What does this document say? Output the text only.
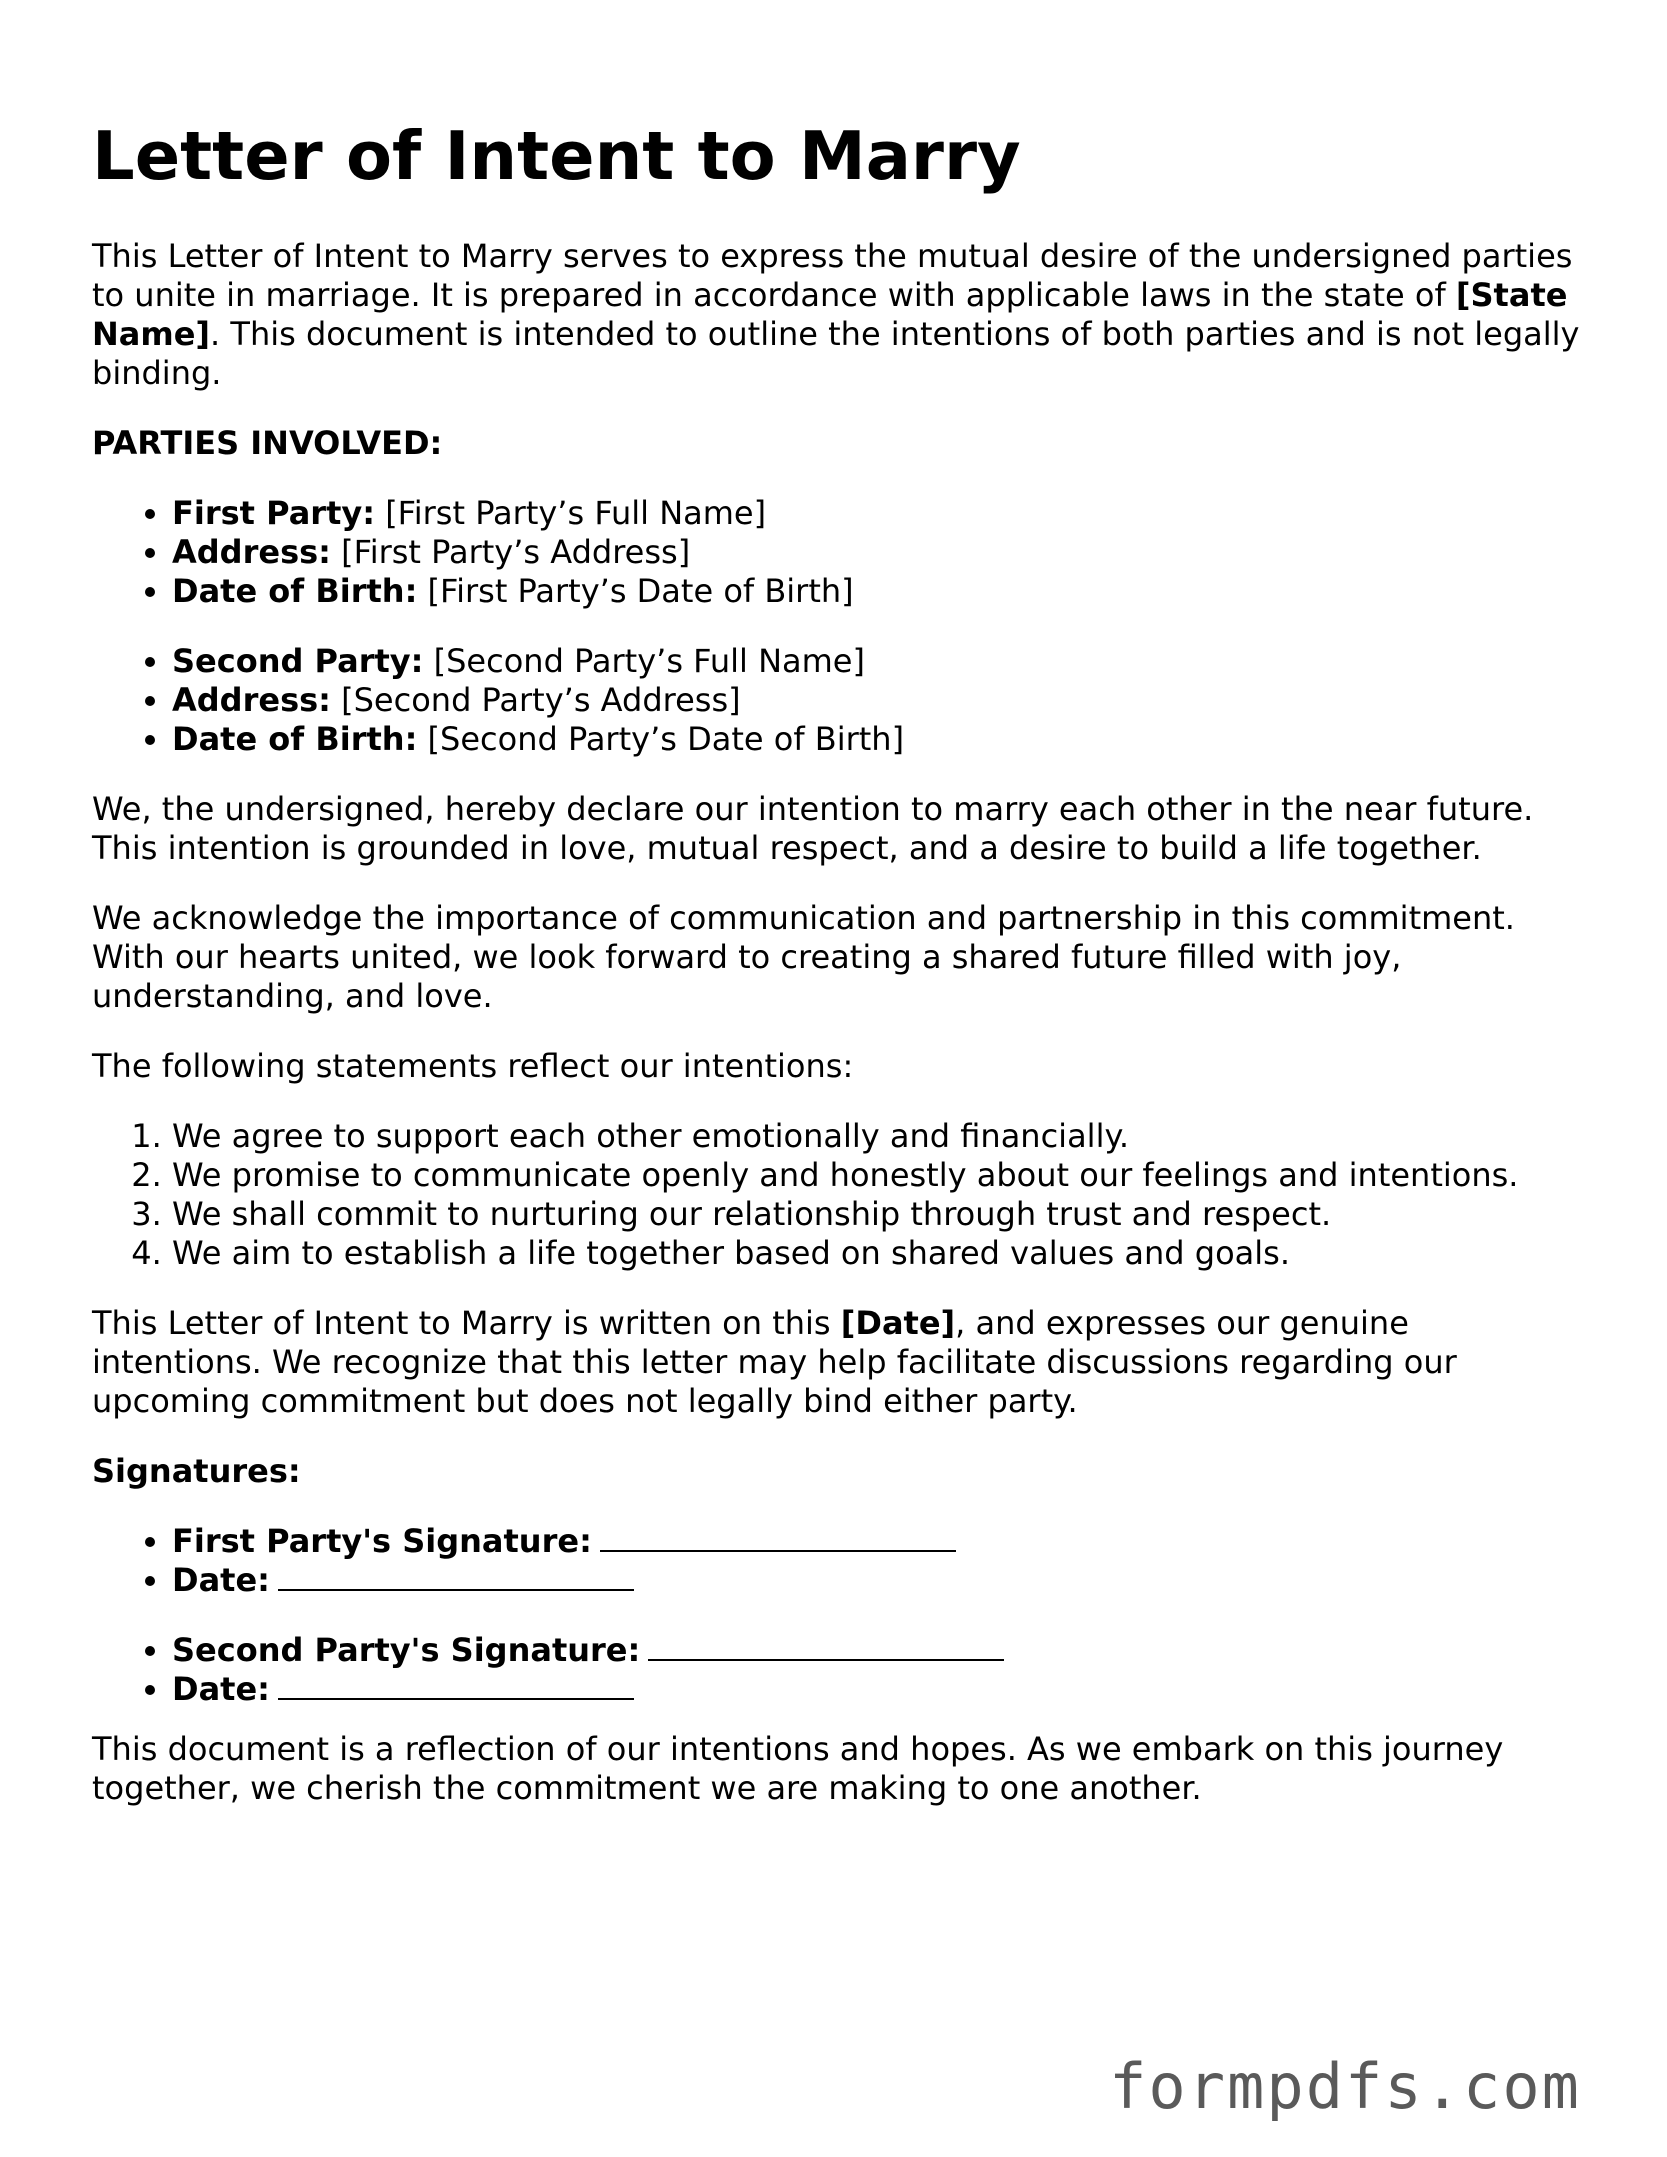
Letter of Intent to Marry

This Letter of Intent to Marry serves to express the mutual desire of the undersigned parties to unite in marriage. It is prepared in accordance with applicable laws in the state of [State Name]. This document is intended to outline the intentions of both parties and is not legally binding.

PARTIES INVOLVED:
• First Party: [First Party’s Full Name]
• Address: [First Party’s Address]
• Date of Birth: [First Party’s Date of Birth]
• Second Party: [Second Party’s Full Name]
• Address: [Second Party’s Address]
• Date of Birth: [Second Party’s Date of Birth]

We, the undersigned, hereby declare our intention to marry each other in the near future. This intention is grounded in love, mutual respect, and a desire to build a life together.

We acknowledge the importance of communication and partnership in this commitment. With our hearts united, we look forward to creating a shared future filled with joy, understanding, and love.

The following statements reflect our intentions:

1. We agree to support each other emotionally and financially.
2. We promise to communicate openly and honestly about our feelings and intentions.
3. We shall commit to nurturing our relationship through trust and respect.
4. We aim to establish a life together based on shared values and goals.

This Letter of Intent to Marry is written on this [Date], and expresses our genuine intentions. We recognize that this letter may help facilitate discussions regarding our upcoming commitment but does not legally bind either party.

Signatures:
• First Party's Signature:
• Date:
• Second Party's Signature:
• Date:

This document is a reflection of our intentions and hopes. As we embark on this journey together, we cherish the commitment we are making to one another.

formpdfs.com
